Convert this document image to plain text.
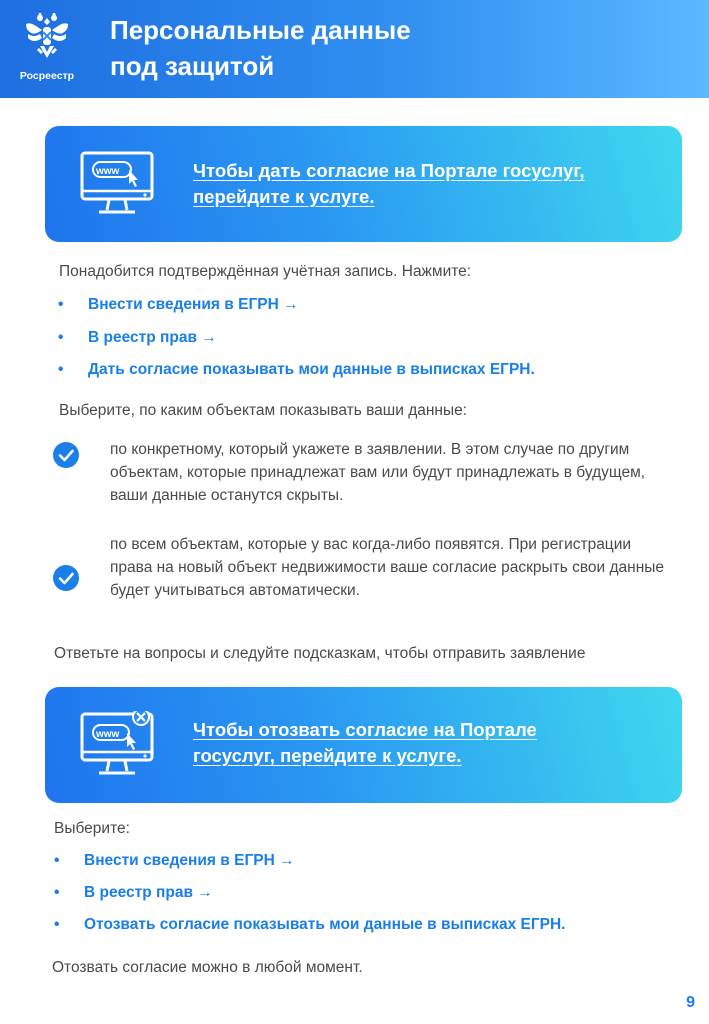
Росреестр
Персональные данные
под защитой
www	Чтобы дать согласие на Портале госуслуг,
перейдите к услуге.
Понадобится подтверждённая учётная запись. Нажмите:
• Внести сведения в ЕГРН →
• В реестр прав →
• Дать согласие показывать мои данные в выписках ЕГРН.
Выберите, по каким объектам показывать ваши данные:
по конкретному, который укажете в заявлении. В этом случае по другим объектам, которые принадлежат вам или будут принадлежать в будущем, ваши данные останутся скрыты.
по всем объектам, которые у вас когда-либо появятся. При регистрации права на новый объект недвижимости ваше согласие раскрыть свои данные будет учитываться автоматически.
Ответьте на вопросы и следуйте подсказкам, чтобы отправить заявление
www	Чтобы отозвать согласие на Портале
госуслуг, перейдите к услуге.
Выберите:
• Внести сведения в ЕГРН →
• В реестр прав →
• Отозвать согласие показывать мои данные в выписках ЕГРН.
Отозвать согласие можно в любой момент.
9
